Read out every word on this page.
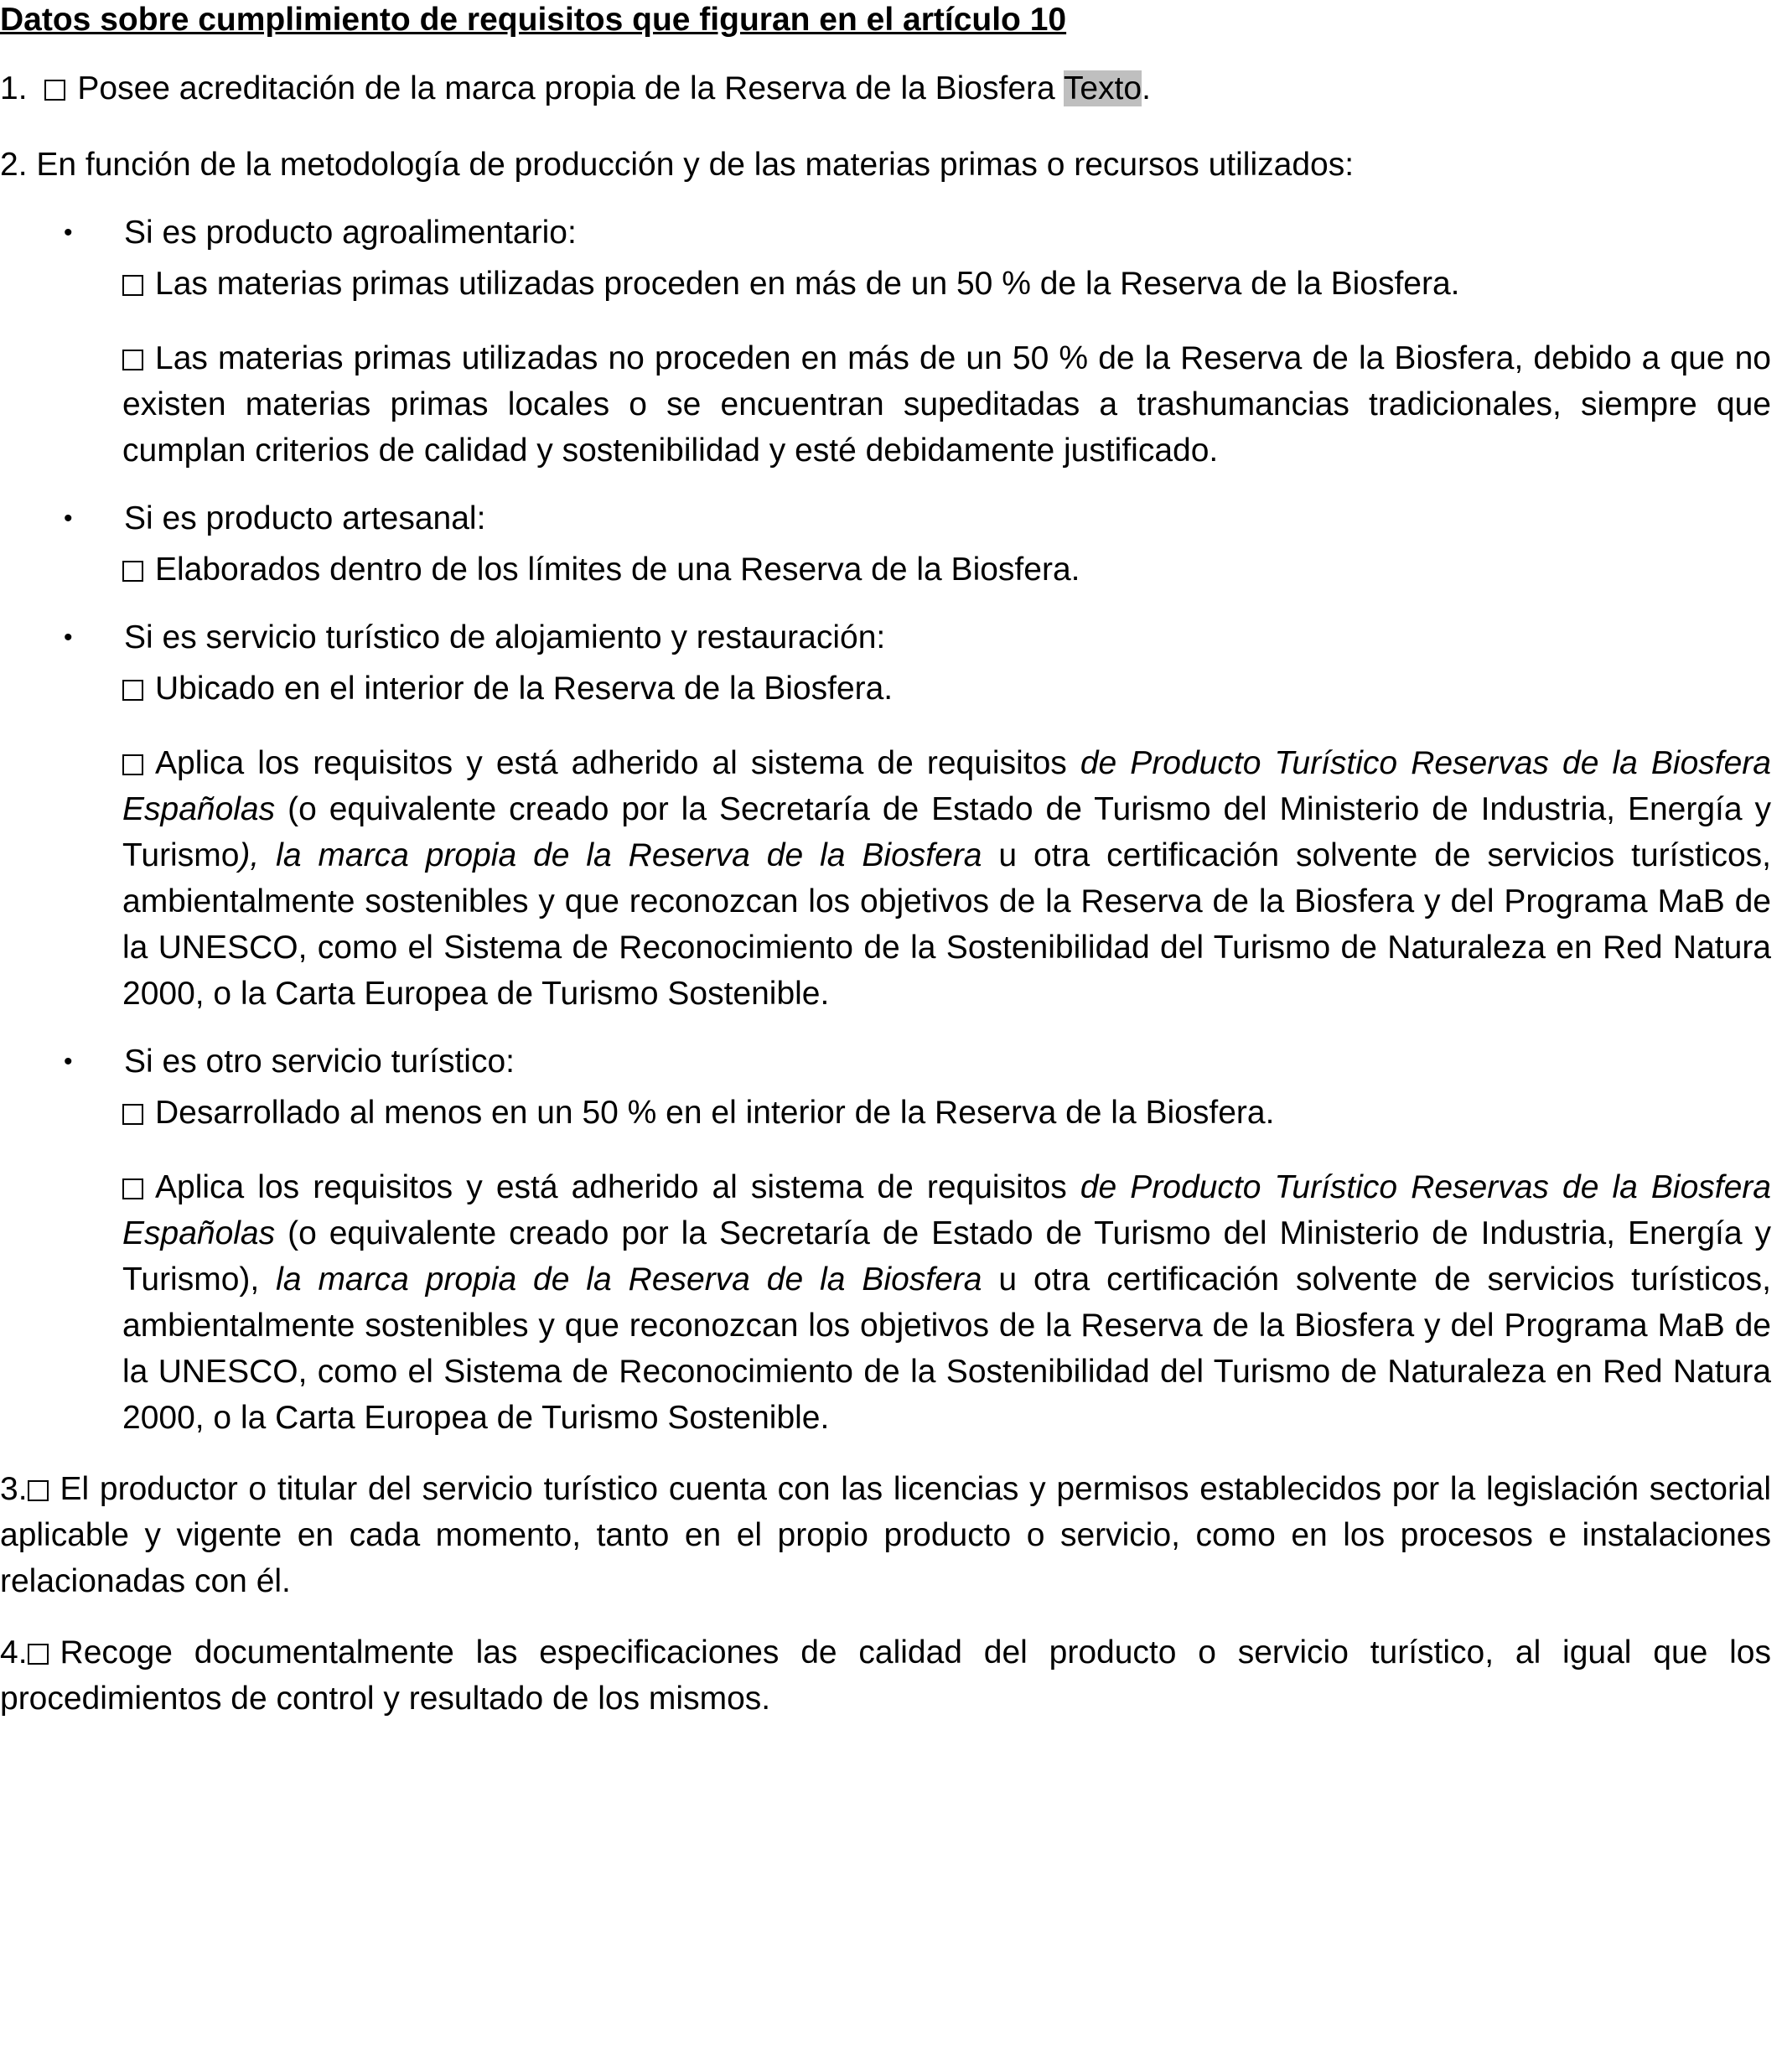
Datos sobre cumplimiento de requisitos que figuran en el artículo 10

1. Posee acreditación de la marca propia de la Reserva de la Biosfera Texto.

2. En función de la metodología de producción y de las materias primas o recursos utilizados:

• Si es producto agroalimentario:

Las materias primas utilizadas proceden en más de un 50 % de la Reserva de la Biosfera.

Las materias primas utilizadas no proceden en más de un 50 % de la Reserva de la Biosfera, debido a que no existen materias primas locales o se encuentran supeditadas a trashumancias tradicionales, siempre que cumplan criterios de calidad y sostenibilidad y esté debidamente justificado.

• Si es producto artesanal:

Elaborados dentro de los límites de una Reserva de la Biosfera.

• Si es servicio turístico de alojamiento y restauración:

Ubicado en el interior de la Reserva de la Biosfera.

Aplica los requisitos y está adherido al sistema de requisitos de Producto Turístico Reservas de la Biosfera Españolas (o equivalente creado por la Secretaría de Estado de Turismo del Ministerio de Industria, Energía y Turismo), la marca propia de la Reserva de la Biosfera u otra certificación solvente de servicios turísticos, ambientalmente sostenibles y que reconozcan los objetivos de la Reserva de la Biosfera y del Programa MaB de la UNESCO, como el Sistema de Reconocimiento de la Sostenibilidad del Turismo de Naturaleza en Red Natura 2000, o la Carta Europea de Turismo Sostenible.

• Si es otro servicio turístico:

Desarrollado al menos en un 50 % en el interior de la Reserva de la Biosfera.

Aplica los requisitos y está adherido al sistema de requisitos de Producto Turístico Reservas de la Biosfera Españolas (o equivalente creado por la Secretaría de Estado de Turismo del Ministerio de Industria, Energía y Turismo), la marca propia de la Reserva de la Biosfera u otra certificación solvente de servicios turísticos, ambientalmente sostenibles y que reconozcan los objetivos de la Reserva de la Biosfera y del Programa MaB de la UNESCO, como el Sistema de Reconocimiento de la Sostenibilidad del Turismo de Naturaleza en Red Natura 2000, o la Carta Europea de Turismo Sostenible.

3. El productor o titular del servicio turístico cuenta con las licencias y permisos establecidos por la legislación sectorial aplicable y vigente en cada momento, tanto en el propio producto o servicio, como en los procesos e instalaciones relacionadas con él.

4. Recoge documentalmente las especificaciones de calidad del producto o servicio turístico, al igual que los procedimientos de control y resultado de los mismos.
